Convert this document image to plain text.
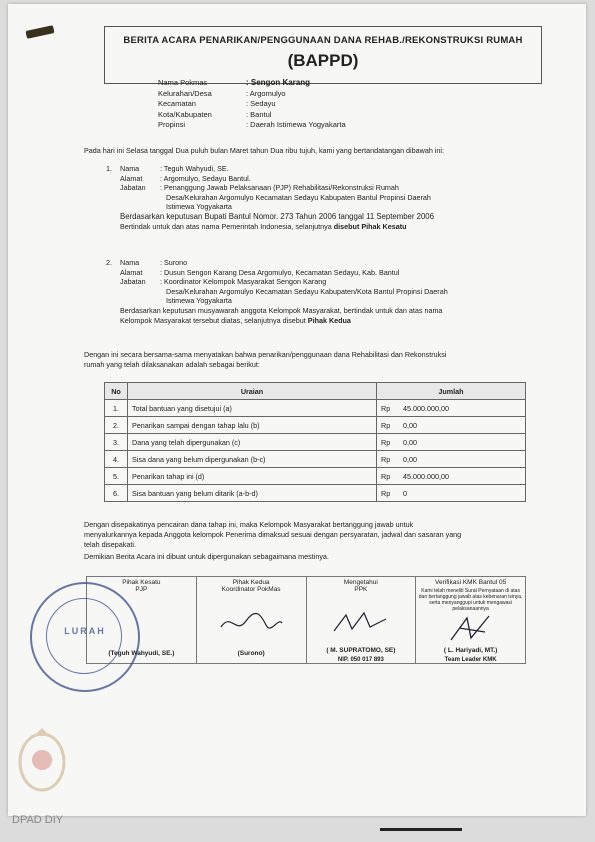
BERITA ACARA PENARIKAN/PENGGUNAAN DANA REHAB./REKONSTRUKSI RUMAH
(BAPPD)
Nama Pokmas	: Sengon Karang
Kelurahan/Desa	: Argomulyo
Kecamatan	: Sedayu
Kota/Kabupaten	: Bantul
Propinsi	: Daerah Istimewa Yogyakarta
Pada hari ini Selasa tanggal Dua puluh bulan Maret tahun Dua ribu tujuh, kami yang bertandatangan dibawah ini:
1.	Nama	: Teguh Wahyudi, SE.
Alamat	: Argomulyo, Sedayu Bantul.
Jabatan	: Penanggung Jawab Pelaksanaan (PJP) Rehabilitasi/Rekonstruksi Rumah
Desa/Kelurahan Argomulyo Kecamatan Sedayu Kabupaten Bantul Propinsi Daerah
Istimewa Yogyakarta
Berdasarkan keputusan Bupati Bantul Nomor. 273 Tahun 2006 tanggal 11 September 2006
Bertindak untuk dan atas nama Pemerintah Indonesia, selanjutnya disebut Pihak Kesatu
2.	Nama	: Surono
Alamat	: Dusun Sengon Karang Desa Argomulyo, Kecamatan Sedayu, Kab. Bantul
Jabatan	: Koordinator Kelompok Masyarakat Sengon Karang
Desa/Kelurahan Argomulyo Kecamatan Sedayu Kabupaten/Kota Bantul Propinsi Daerah
Istimewa Yogyakarta
Berdasarkan keputusan musyawarah anggota Kelompok Masyarakat, bertindak untuk dan atas nama
Kelompok Masyarakat tersebut diatas, selanjutnya disebut Pihak Kedua
Dengan ini secara bersama-sama menyatakan bahwa penarikan/penggunaan dana Rehabilitasi dan Rekonstruksi
rumah yang telah dilaksanakan adalah sebagai berikut:
No	Uraian	Jumlah
1.	Total bantuan yang disetujui (a)	Rp 45.000.000,00
2.	Penarikan sampai dengan tahap lalu (b)	Rp 0,00
3.	Dana yang telah dipergunakan (c)	Rp 0,00
4.	Sisa dana yang belum dipergunakan (b-c)	Rp 0,00
5.	Penarikan tahap ini (d)	Rp 45.000.000,00
6.	Sisa bantuan yang belum ditarik (a-b-d)	Rp 0
Dengan disepakatinya pencairan dana tahap ini, maka Kelompok Masyarakat bertanggung jawab untuk
menyalurkannya kepada Anggota kelompok Penerima dimaksud sesuai dengan persyaratan, jadwal dan sasaran yang
telah disepakati.
Demikian Berita Acara ini dibuat untuk dipergunakan sebagaimana mestinya.
Pihak Kesatu
PJP
(Teguh Wahyudi, SE.)

Pihak Kedua
Koordinator PokMas
(Surono)

Mengetahui
PPK
( M. SUPRATOMO, SE)
NIP. 050 017 893

Verifikasi KMK Bantul 05
Kami telah meneliti Surat Pernyataan di atas dan bertanggung jawab atas kebenaran isinya, serta menyanggupi untuk mengawasi pelaksanaannya
( L. Hariyadi, MT.)
Team Leader KMK
LURAH
DPAD DIY
